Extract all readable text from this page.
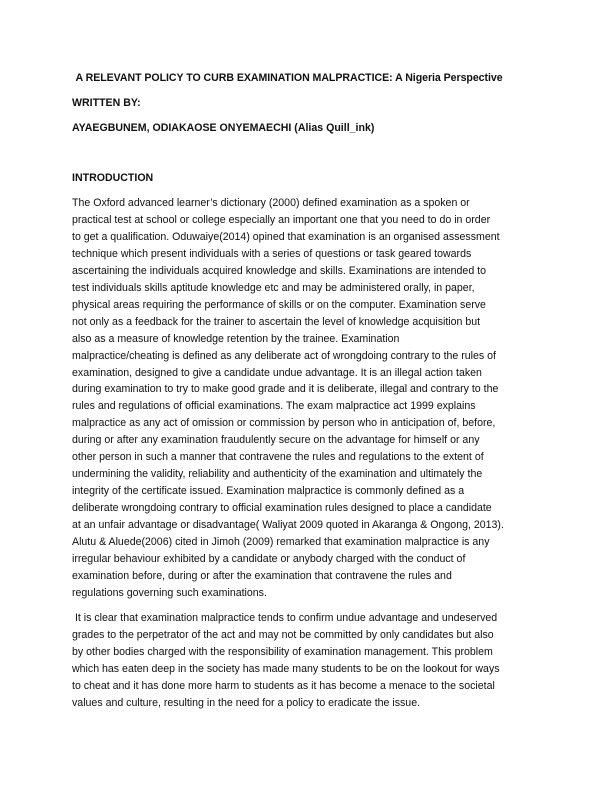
A RELEVANT POLICY TO CURB EXAMINATION MALPRACTICE: A Nigeria Perspective
WRITTEN BY:
AYAEGBUNEM, ODIAKAOSE ONYEMAECHI (Alias Quill_ink)
INTRODUCTION
The Oxford advanced learner’s dictionary (2000) defined examination as a spoken or
practical test at school or college especially an important one that you need to do in order
to get a qualification. Oduwaiye(2014) opined that examination is an organised assessment
technique which present individuals with a series of questions or task geared towards
ascertaining the individuals acquired knowledge and skills. Examinations are intended to
test individuals skills aptitude knowledge etc and may be administered orally, in paper,
physical areas requiring the performance of skills or on the computer. Examination serve
not only as a feedback for the trainer to ascertain the level of knowledge acquisition but
also as a measure of knowledge retention by the trainee. Examination
malpractice/cheating is defined as any deliberate act of wrongdoing contrary to the rules of
examination, designed to give a candidate undue advantage. It is an illegal action taken
during examination to try to make good grade and it is deliberate, illegal and contrary to the
rules and regulations of official examinations. The exam malpractice act 1999 explains
malpractice as any act of omission or commission by person who in anticipation of, before,
during or after any examination fraudulently secure on the advantage for himself or any
other person in such a manner that contravene the rules and regulations to the extent of
undermining the validity, reliability and authenticity of the examination and ultimately the
integrity of the certificate issued. Examination malpractice is commonly defined as a
deliberate wrongdoing contrary to official examination rules designed to place a candidate
at an unfair advantage or disadvantage( Waliyat 2009 quoted in Akaranga & Ongong, 2013).
Alutu & Aluede(2006) cited in Jimoh (2009) remarked that examination malpractice is any
irregular behaviour exhibited by a candidate or anybody charged with the conduct of
examination before, during or after the examination that contravene the rules and
regulations governing such examinations.
It is clear that examination malpractice tends to confirm undue advantage and undeserved
grades to the perpetrator of the act and may not be committed by only candidates but also
by other bodies charged with the responsibility of examination management. This problem
which has eaten deep in the society has made many students to be on the lookout for ways
to cheat and it has done more harm to students as it has become a menace to the societal
values and culture, resulting in the need for a policy to eradicate the issue.
